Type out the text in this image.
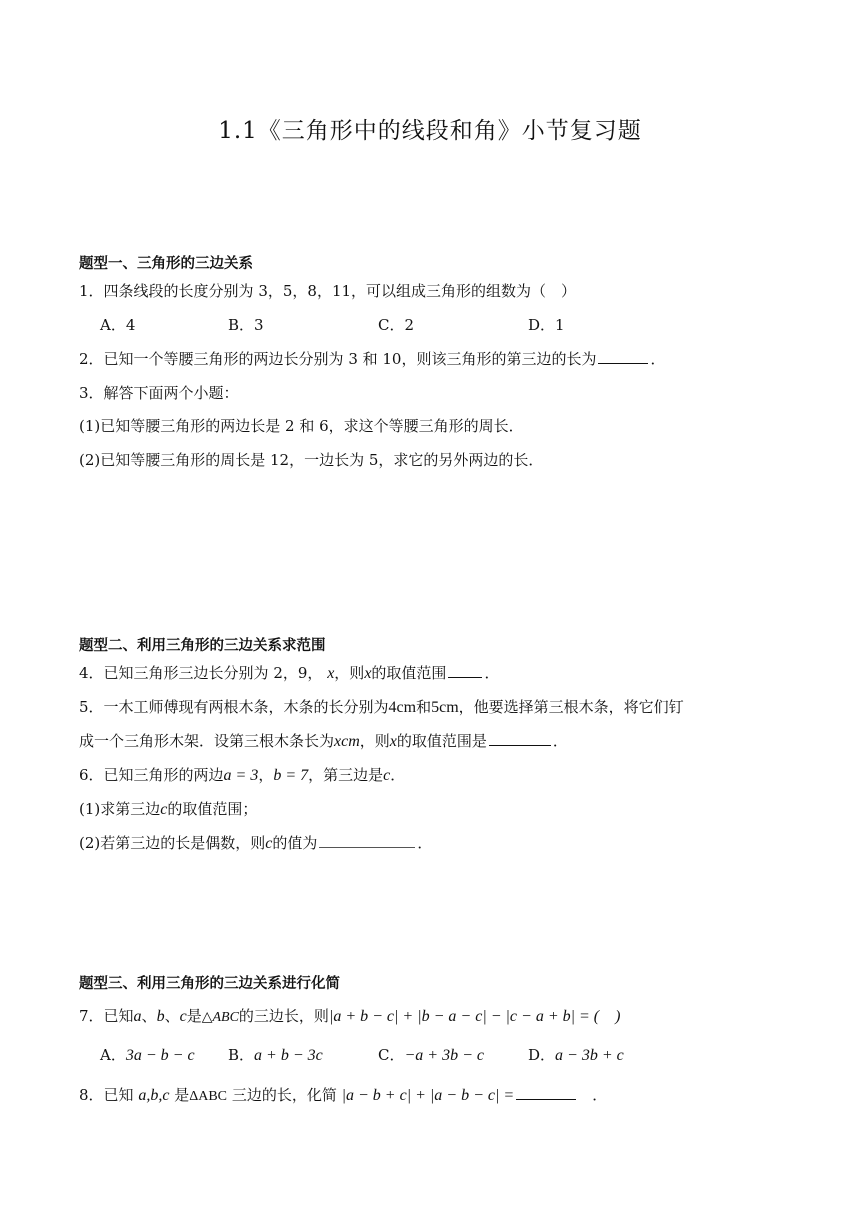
1.1《三角形中的线段和角》小节复习题
题型一、三角形的三边关系
1．四条线段的长度分别为 3，5，8，11，可以组成三角形的组数为（　）
A．4	B．3	C．2	D．1
2．已知一个等腰三角形的两边长分别为 3 和 10，则该三角形的第三边的长为	．
3．解答下面两个小题：
(1)已知等腰三角形的两边长是 2 和 6，求这个等腰三角形的周长．
(2)已知等腰三角形的周长是 12，一边长为 5，求它的另外两边的长．
题型二、利用三角形的三边关系求范围
4．已知三角形三边长分别为 2，9， x，则x的取值范围	．
5．一木工师傅现有两根木条，木条的长分别为4cm和5cm，他要选择第三根木条，将它们钉
成一个三角形木架．设第三根木条长为xcm，则x的取值范围是	．
6．已知三角形的两边a = 3，b = 7，第三边是c．
(1)求第三边c的取值范围；
(2)若第三边的长是偶数，则c的值为	．
题型三、利用三角形的三边关系进行化简
7．已知a、b、c是△ABC的三边长，则|a + b − c| + |b − a − c| − |c − a + b| = (　)
A．3a − b − c B．a + b − 3c	C．−a + 3b − c	D．a − 3b + c
8．已知 a,b,c 是ΔABC 三边的长，化简 |a − b + c| + |a − b − c| =	．
